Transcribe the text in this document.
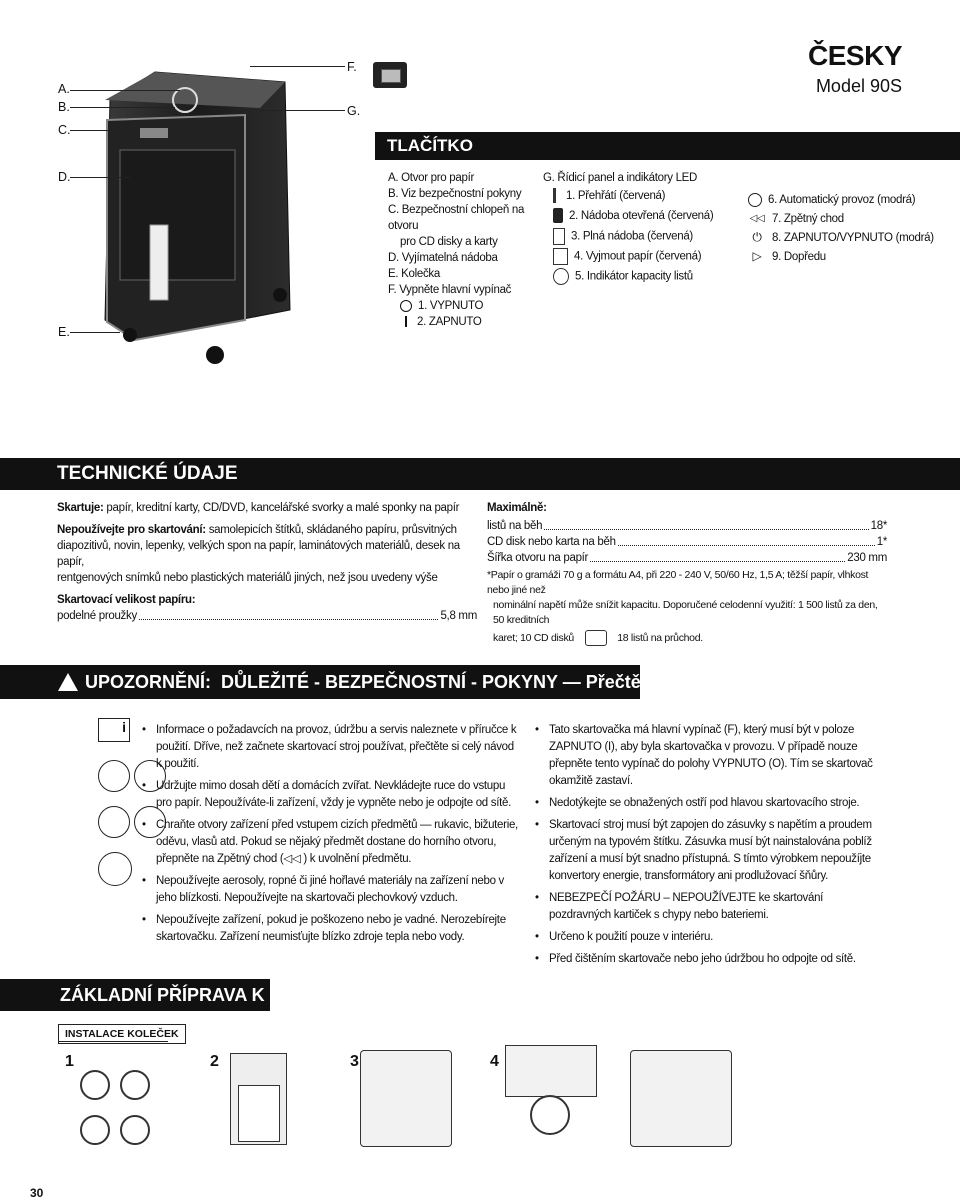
ČESKY
Model 90S
A.
B.
C.
D.
E.
F.
G.
TLAČÍTKO
A. Otvor pro papír
B. Viz bezpečnostní pokyny
C. Bezpečnostní chlopeň na otvoru
pro CD disky a karty
D. Vyjímatelná nádoba
E. Kolečka
F. Vypněte hlavní vypínač
1. VYPNUTO
2. ZAPNUTO
G. Řídicí panel a indikátory LED
1. Přehřátí (červená)
2. Nádoba otevřená (červená)
3. Plná nádoba (červená)
4. Vyjmout papír (červená)
5. Indikátor kapacity listů
6. Automatický provoz (modrá)
◁◁ 7. Zpětný chod
⏻ 8. ZAPNUTO/VYPNUTO (modrá)
▷ 9. Dopředu
TECHNICKÉ ÚDAJE
Skartuje: papír, kreditní karty, CD/DVD, kancelářské svorky a malé sponky na papír
Nepoužívejte pro skartování: samolepicích štítků, skládaného papíru, průsvitných
diapozitivů, novin, lepenky, velkých spon na papír, laminátových materiálů, desek na papír,
rentgenových snímků nebo plastických materiálů jiných, než jsou uvedeny výše
Skartovací velikost papíru:
podelné proužky	5,8 mm
Maximálně:
listů na běh	18*
CD disk nebo karta na běh	1*
Šířka otvoru na papír	230 mm
*Papír o gramáži 70 g a formátu A4, při 220 - 240 V, 50/60 Hz, 1,5 A; těžší papír, vlhkost nebo jiné než
nominální napětí může snížit kapacitu. Doporučené celodenní využití: 1 500 listů za den, 50 kreditních
karet; 10 CD disků	18 listů na průchod.
UPOZORNĚNÍ: DŮLEŽITÉ - BEZPEČNOSTNÍ - POKYNY — Přečtěte si je před použitím!
i
•	Informace o požadavcích na provoz, údržbu a servis naleznete v příručce k použití. Dříve, než začnete skartovací stroj používat, přečtěte si celý návod k použití.
• Udržujte mimo dosah dětí a domácích zvířat. Nevkládejte ruce do vstupu pro papír. Nepoužíváte-li zařízení, vždy je vypněte nebo je odpojte od sítě.
• Chraňte otvory zařízení před vstupem cizích předmětů — rukavic, bižuterie, oděvu, vlasů atd. Pokud se nějaký předmět dostane do horního otvoru, přepněte na Zpětný chod (◁◁ ) k uvolnění předmětu.
• Nepoužívejte aerosoly, ropné či jiné hořlavé materiály na zařízení nebo v jeho blízkosti. Nepoužívejte na skartovači plechovkový vzduch.
• Nepoužívejte zařízení, pokud je poškozeno nebo je vadné. Nerozebírejte skartovačku. Zařízení neumisťujte blízko zdroje tepla nebo vody.
• Tato skartovačka má hlavní vypínač (F), který musí být v poloze ZAPNUTO (I), aby byla skartovačka v provozu. V případě nouze přepněte tento vypínač do polohy VYPNUTO (O). Tím se skartovač okamžitě zastaví.
• Nedotýkejte se obnažených ostří pod hlavou skartovacího stroje.
• Skartovací stroj musí být zapojen do zásuvky s napětím a proudem určeným na typovém štítku. Zásuvka musí být nainstalována poblíž zařízení a musí být snadno přístupná. S tímto výrobkem nepoužíjte konvertory energie, transformátory ani prodlužovací šňůry.
• NEBEZPEČÍ POŽÁRU – NEPOUŽÍVEJTE ke skartování pozdravných kartiček s chypy nebo bateriemi.
• Určeno k použití pouze v interiéru.
• Před čištěním skartovače nebo jeho údržbou ho odpojte od sítě.
ZÁKLADNÍ PŘÍPRAVA K PROVOZU
INSTALACE KOLEČEK
1	2	3	4
30
